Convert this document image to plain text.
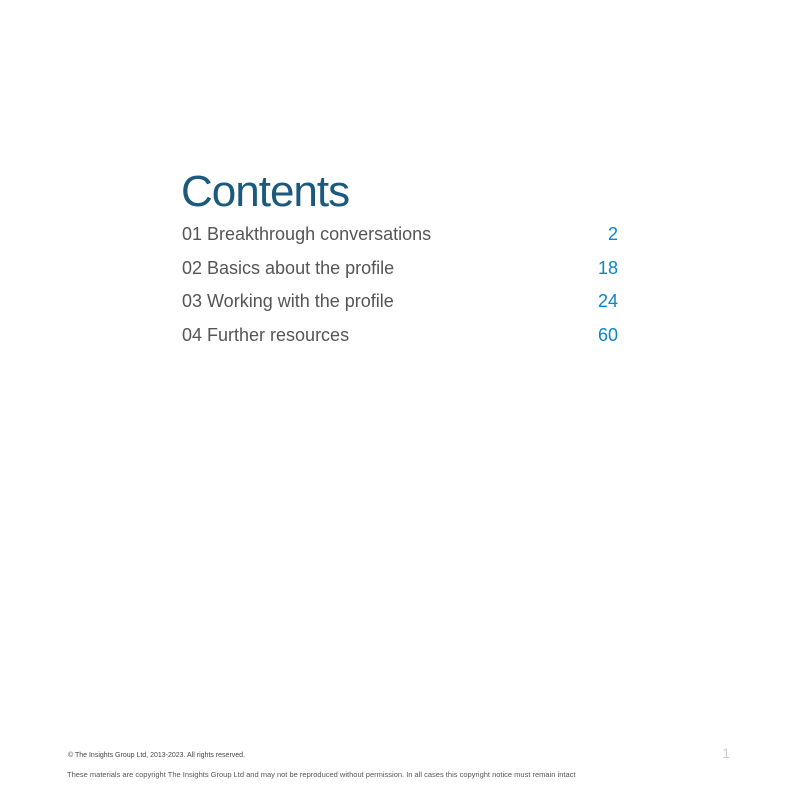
Contents
01 Breakthrough conversations	2
02 Basics about the profile	18
03 Working with the profile	24
04 Further resources	60
© The Insights Group Ltd, 2013-2023. All rights reserved.	1
These materials are copyright The Insights Group Ltd and may not be reproduced without permission. In all cases this copyright notice must remain intact
